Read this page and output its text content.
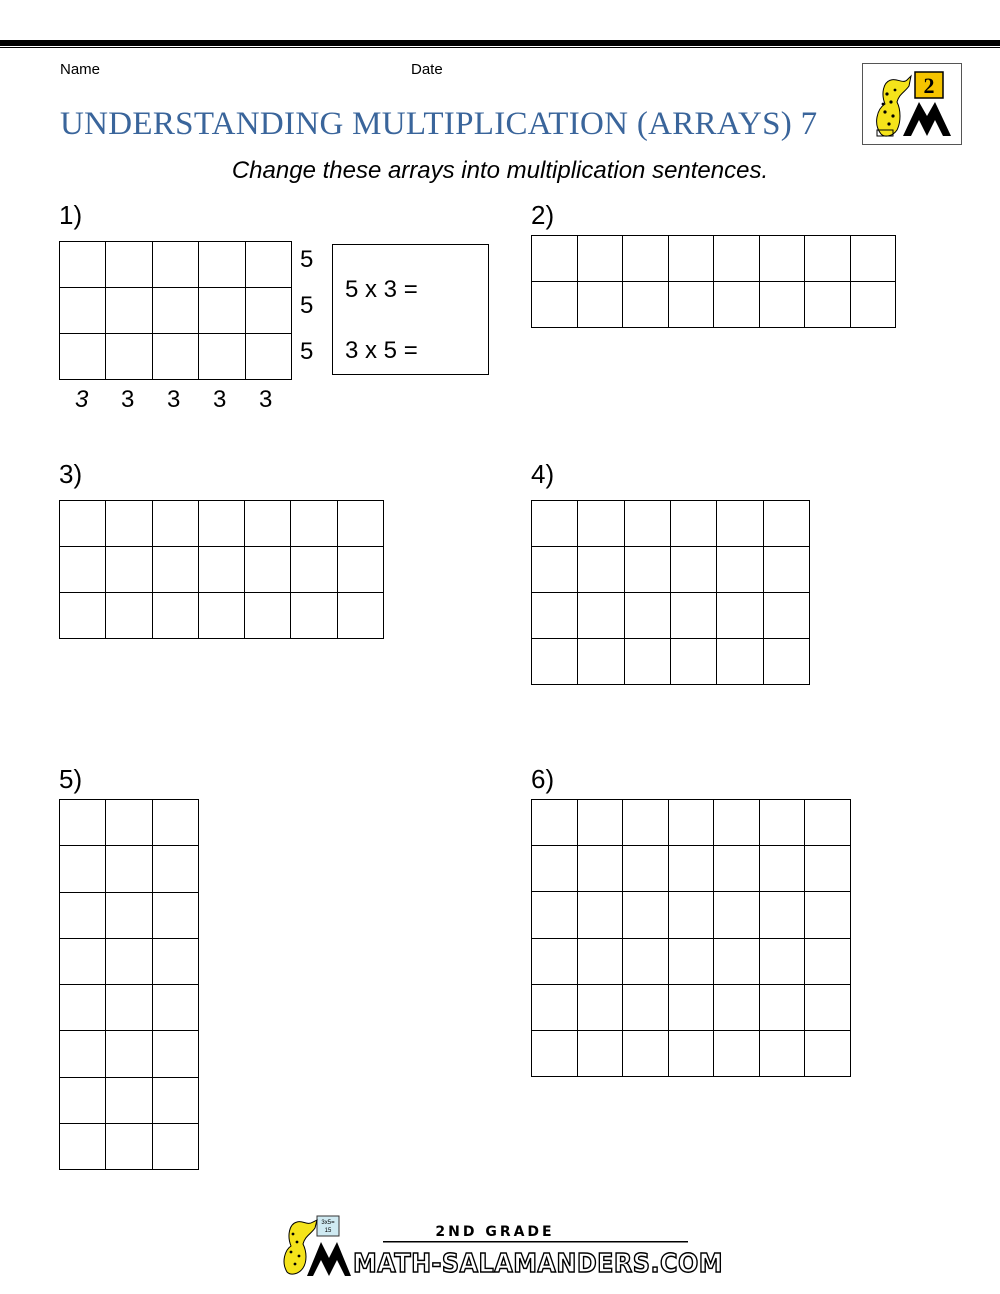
Name	Date
UNDERSTANDING MULTIPLICATION (ARRAYS) 7
Change these arrays into multiplication sentences.
2
1)
5
5
5
3 3 3 3 3
5 x 3 =
3 x 5 =
2)
3)	4)
5)	6)
3x5=
15	2ND GRADE
MATH-SALAMANDERS.COM
